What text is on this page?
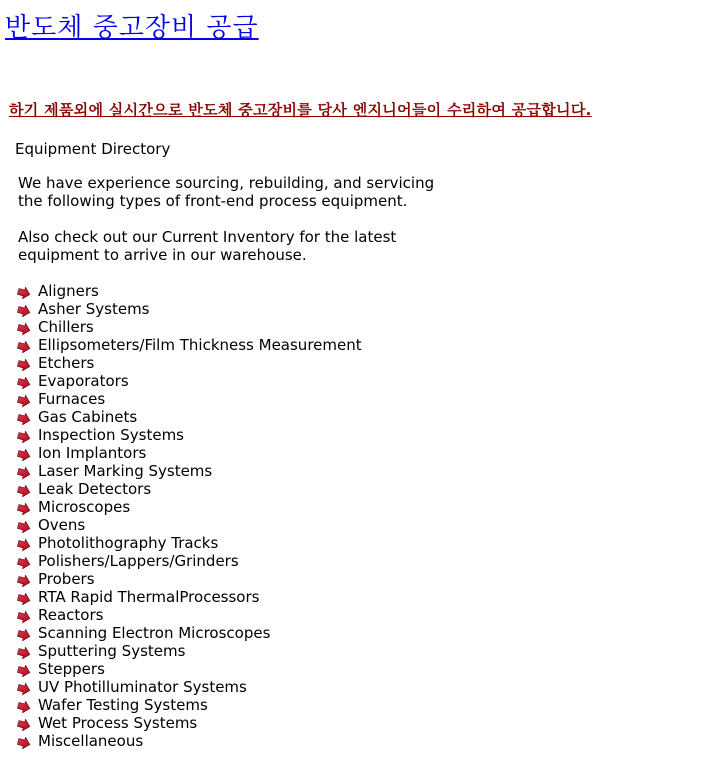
반도체 중고장비 공급
하기 제품외에 실시간으로 반도체 중고장비를 당사 엔지니어들이 수리하여 공급합니다.
Equipment Directory

We have experience sourcing, rebuilding, and servicing
the following types of front-end process equipment.

Also check out our Current Inventory for the latest
equipment to arrive in our warehouse.

Aligners
Asher Systems
Chillers
Ellipsometers/Film Thickness Measurement
Etchers
Evaporators
Furnaces
Gas Cabinets
Inspection Systems
Ion Implantors
Laser Marking Systems
Leak Detectors
Microscopes
Ovens
Photolithography Tracks
Polishers/Lappers/Grinders
Probers
RTA Rapid ThermalProcessors
Reactors
Scanning Electron Microscopes
Sputtering Systems
Steppers
UV Photilluminator Systems
Wafer Testing Systems
Wet Process Systems
Miscellaneous
